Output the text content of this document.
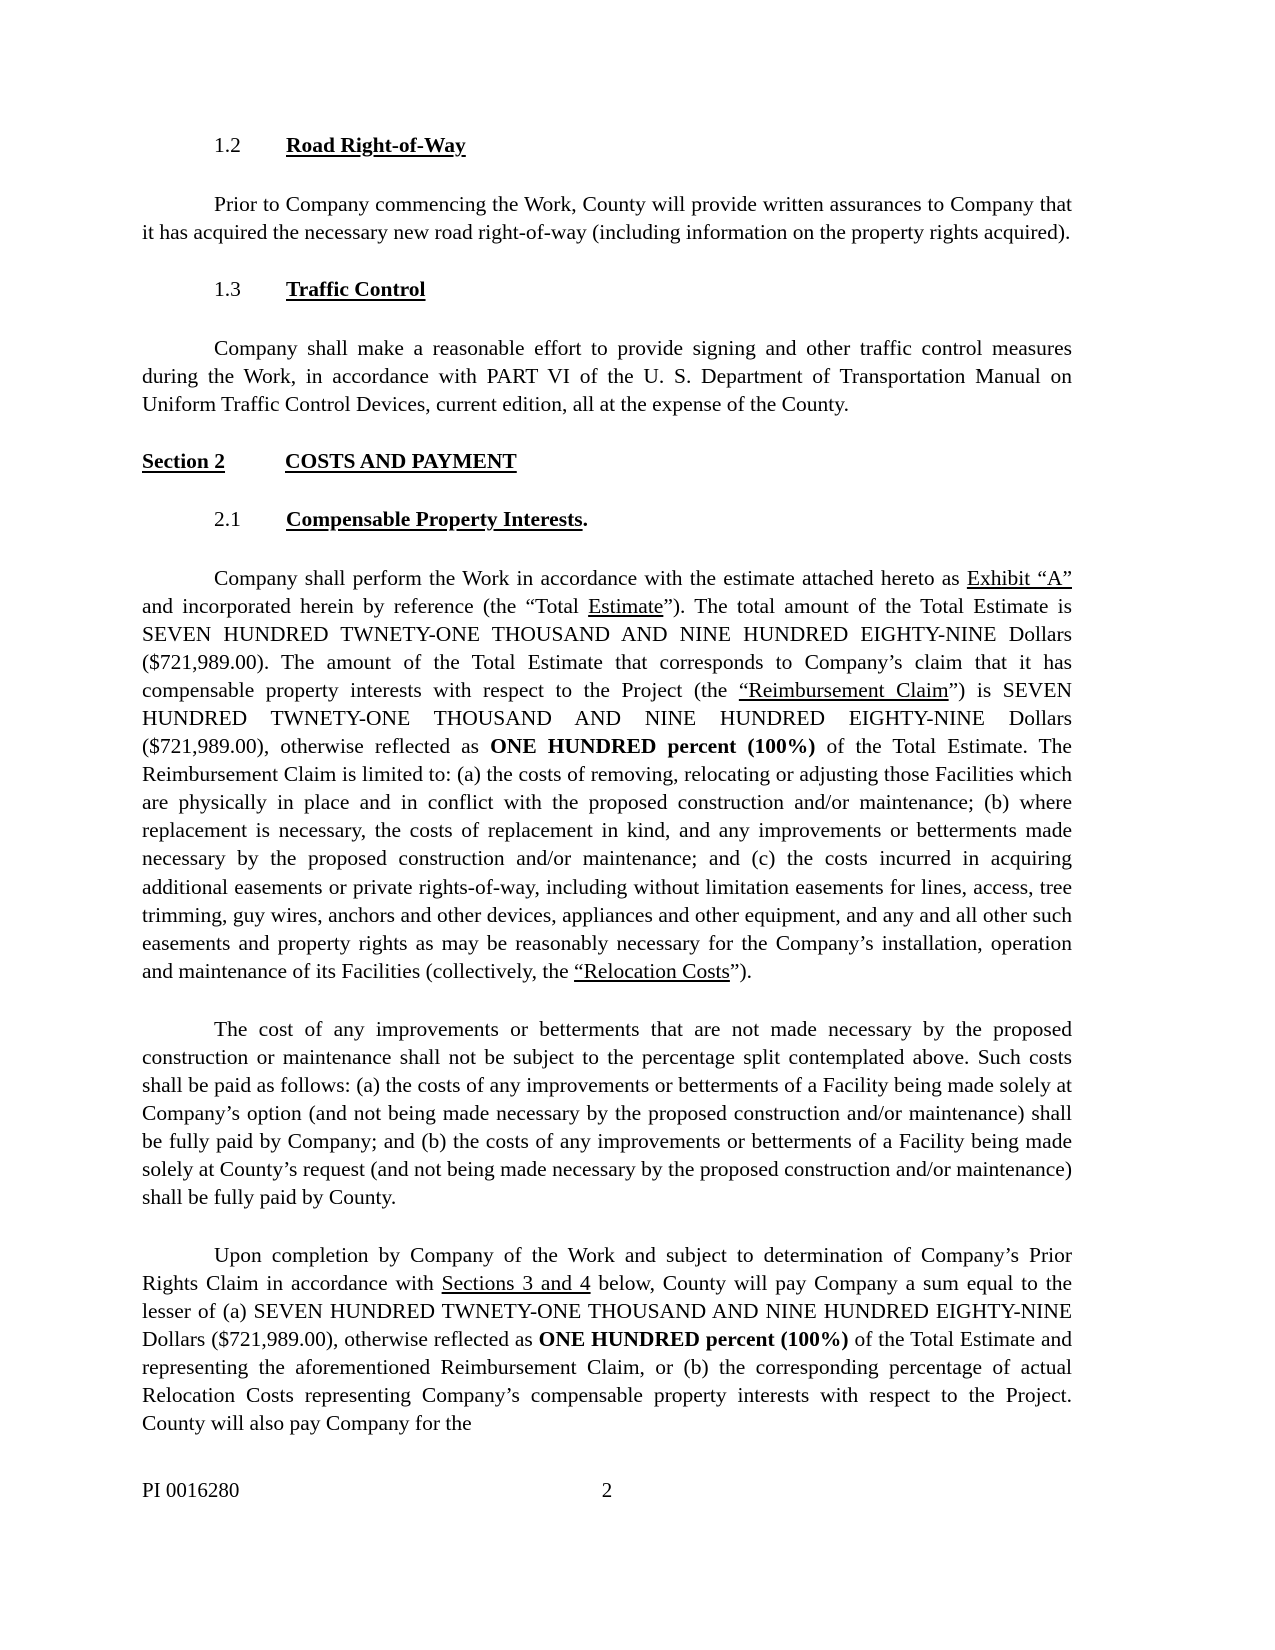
1.2 Road Right-of-Way

Prior to Company commencing the Work, County will provide written assurances to Company that it has acquired the necessary new road right-of-way (including information on the property rights acquired).

1.3 Traffic Control

Company shall make a reasonable effort to provide signing and other traffic control measures during the Work, in accordance with PART VI of the U. S. Department of Transportation Manual on Uniform Traffic Control Devices, current edition, all at the expense of the County.

Section 2	COSTS AND PAYMENT
2.1 Compensable Property Interests.

Company shall perform the Work in accordance with the estimate attached hereto as Exhibit “A” and incorporated herein by reference (the “Total Estimate”). The total amount of the Total Estimate is SEVEN HUNDRED TWNETY-ONE THOUSAND AND NINE HUNDRED EIGHTY-NINE Dollars ($721,989.00). The amount of the Total Estimate that corresponds to Company’s claim that it has compensable property interests with respect to the Project (the “Reimbursement Claim”) is SEVEN HUNDRED TWNETY-ONE THOUSAND AND NINE HUNDRED EIGHTY-NINE Dollars ($721,989.00), otherwise reflected as ONE HUNDRED percent (100%) of the Total Estimate. The Reimbursement Claim is limited to: (a) the costs of removing, relocating or adjusting those Facilities which are physically in place and in conflict with the proposed construction and/or maintenance; (b) where replacement is necessary, the costs of replacement in kind, and any improvements or betterments made necessary by the proposed construction and/or maintenance; and (c) the costs incurred in acquiring additional easements or private rights-of-way, including without limitation easements for lines, access, tree trimming, guy wires, anchors and other devices, appliances and other equipment, and any and all other such easements and property rights as may be reasonably necessary for the Company’s installation, operation and maintenance of its Facilities (collectively, the “Relocation Costs”).

The cost of any improvements or betterments that are not made necessary by the proposed construction or maintenance shall not be subject to the percentage split contemplated above. Such costs shall be paid as follows: (a) the costs of any improvements or betterments of a Facility being made solely at Company’s option (and not being made necessary by the proposed construction and/or maintenance) shall be fully paid by Company; and (b) the costs of any improvements or betterments of a Facility being made solely at County’s request (and not being made necessary by the proposed construction and/or maintenance) shall be fully paid by County.

Upon completion by Company of the Work and subject to determination of Company’s Prior Rights Claim in accordance with Sections 3 and 4 below, County will pay Company a sum equal to the lesser of (a) SEVEN HUNDRED TWNETY-ONE THOUSAND AND NINE HUNDRED EIGHTY-NINE Dollars ($721,989.00), otherwise reflected as ONE HUNDRED percent (100%) of the Total Estimate and representing the aforementioned Reimbursement Claim, or (b) the corresponding percentage of actual Relocation Costs representing Company’s compensable property interests with respect to the Project. County will also pay Company for the

PI 0016280	2
